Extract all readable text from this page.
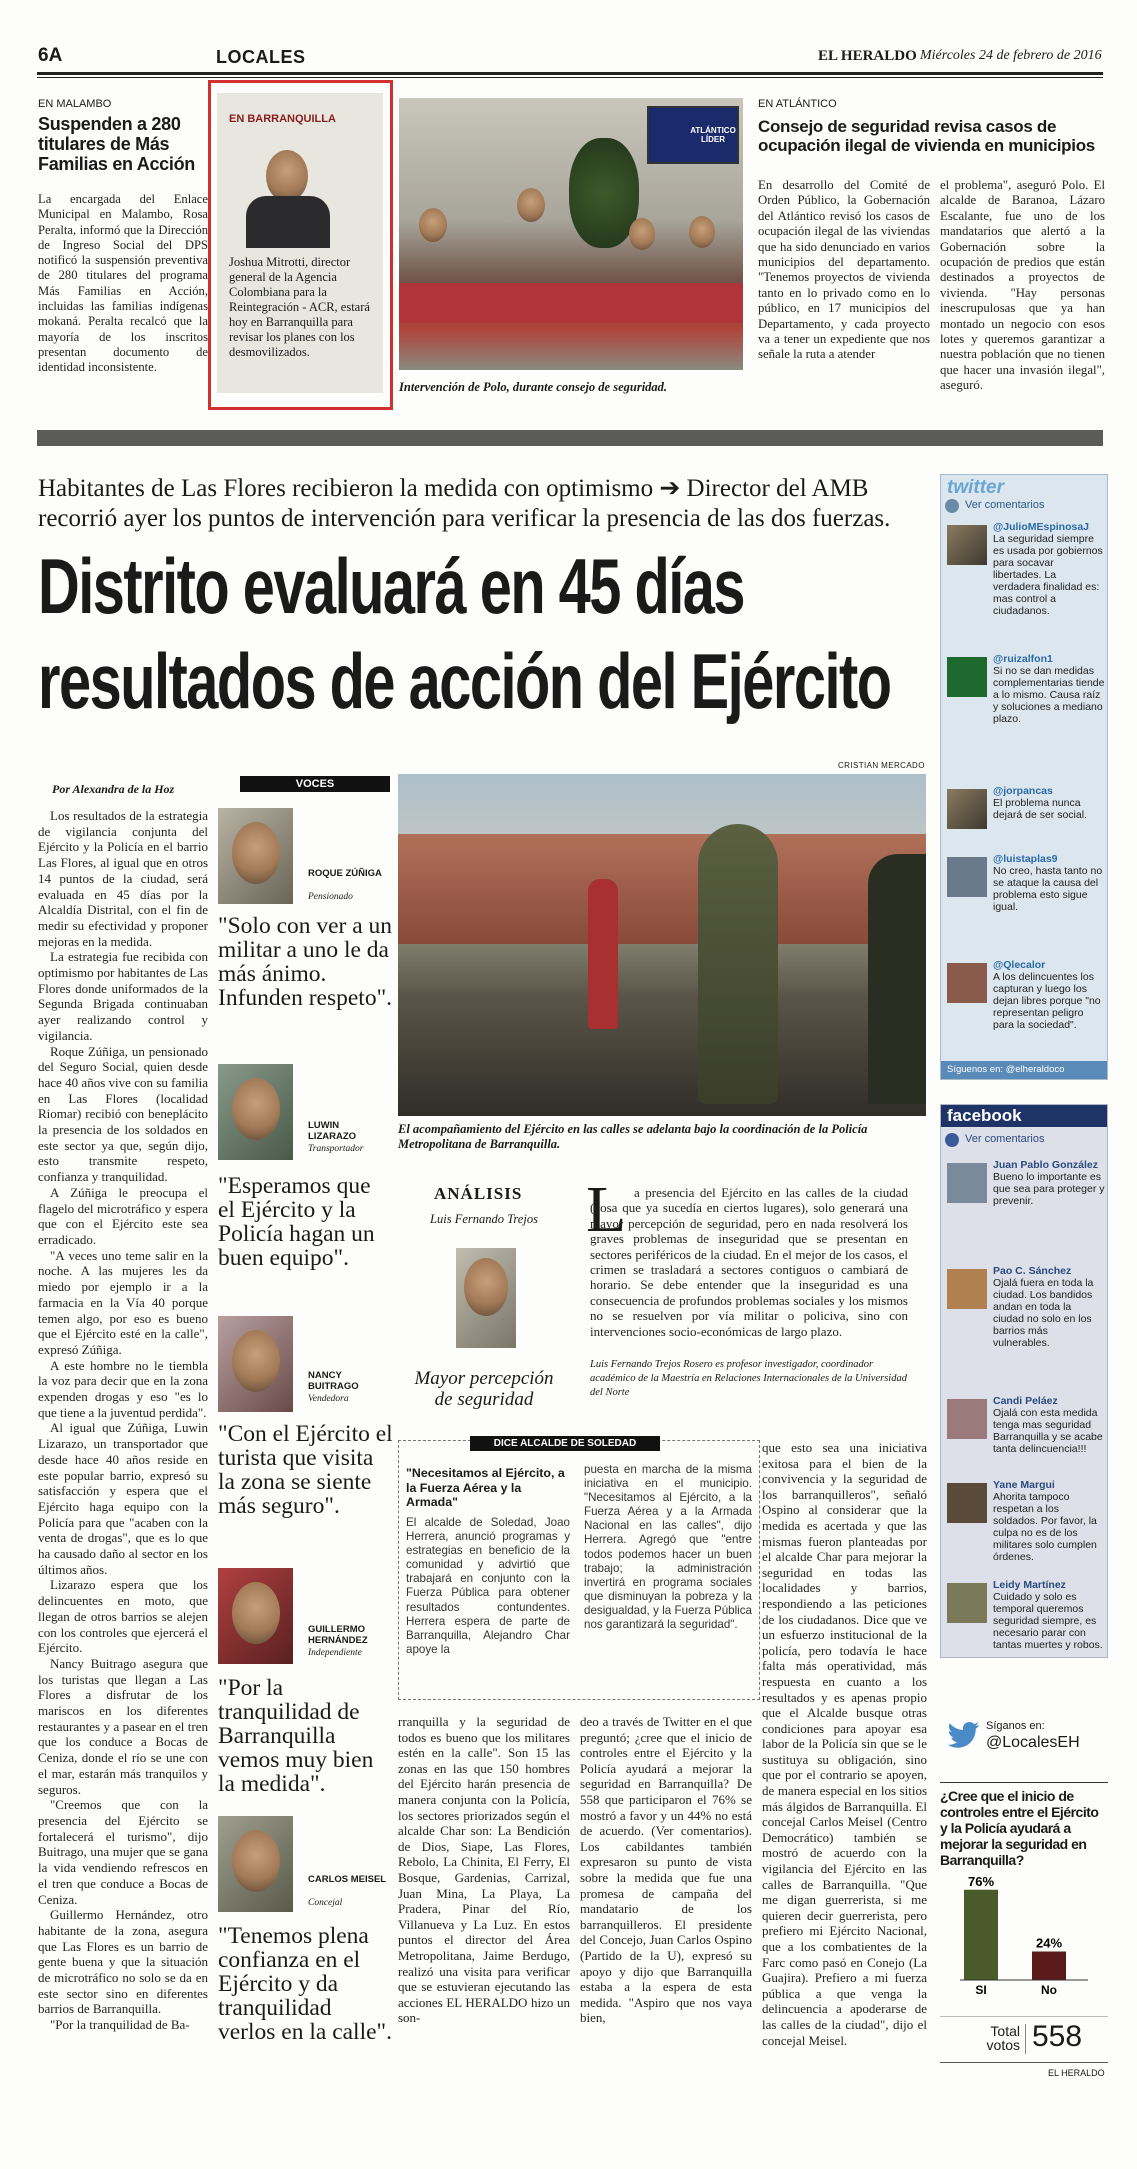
6A	LOCALES	EL HERALDO Miércoles 24 de febrero de 2016
EN MALAMBO
Suspenden a 280 titulares de Más Familias en Acción
La encargada del Enlace Municipal en Malambo, Rosa Peralta, informó que la Dirección de Ingreso Social del DPS notificó la suspensión preventiva de 280 titulares del programa Más Familias en Acción, incluidas las familias indígenas mokaná. Peralta recalcó que la mayoría de los inscritos presentan documento de identidad inconsistente.
EN BARRANQUILLA
Joshua Mitrotti, director general de la Agencia Colombiana para la Reintegración - ACR, estará hoy en Barranquilla para revisar los planes con los desmovilizados.
ATLÁNTICO LÍDER
Intervención de Polo, durante consejo de seguridad.
EN ATLÁNTICO
Consejo de seguridad revisa casos de ocupación ilegal de vivienda en municipios
En desarrollo del Comité de Orden Público, la Gobernación del Atlántico revisó los casos de ocupación ilegal de las viviendas que ha sido denunciado en varios municipios del departamento. "Tenemos proyectos de vivienda tanto en lo privado como en lo público, en 17 municipios del Departamento, y cada proyecto va a tener un expediente que nos señale la ruta a atender
el problema", aseguró Polo. El alcalde de Baranoa, Lázaro Escalante, fue uno de los mandatarios que alertó a la Gobernación sobre la ocupación de predios que están destinados a proyectos de vivienda. "Hay personas inescrupulosas que ya han montado un negocio con esos lotes y queremos garantizar a nuestra población que no tienen que hacer una invasión ilegal", aseguró.
Habitantes de Las Flores recibieron la medida con optimismo ➔ Director del AMB recorrió ayer los puntos de intervención para verificar la presencia de las dos fuerzas.
Distrito evaluará en 45 días
resultados de acción del Ejército
Por Alexandra de la Hoz

Los resultados de la estrategia de vigilancia conjunta del Ejército y la Policía en el barrio Las Flores, al igual que en otros 14 puntos de la ciudad, será evaluada en 45 días por la Alcaldía Distrital, con el fin de medir su efectividad y proponer mejoras en la medida.

La estrategia fue recibida con optimismo por habitantes de Las Flores donde uniformados de la Segunda Brigada continuaban ayer realizando control y vigilancia.

Roque Zúñiga, un pensionado del Seguro Social, quien desde hace 40 años vive con su familia en Las Flores (localidad Riomar) recibió con beneplácito la presencia de los soldados en este sector ya que, según dijo, esto transmite respeto, confianza y tranquilidad.

A Zúñiga le preocupa el flagelo del microtráfico y espera que con el Ejército este sea erradicado.

"A veces uno teme salir en la noche. A las mujeres les da miedo por ejemplo ir a la farmacia en la Vía 40 porque temen algo, por eso es bueno que el Ejército esté en la calle", expresó Zúñiga.

A este hombre no le tiembla la voz para decir que en la zona expenden drogas y eso "es lo que tiene a la juventud perdida".

Al igual que Zúñiga, Luwin Lizarazo, un transportador que desde hace 40 años reside en este popular barrio, expresó su satisfacción y espera que el Ejército haga equipo con la Policía para que "acaben con la venta de drogas", que es lo que ha causado daño al sector en los últimos años.

Lizarazo espera que los delincuentes en moto, que llegan de otros barrios se alejen con los controles que ejercerá el Ejército.

Nancy Buitrago asegura que los turistas que llegan a Las Flores a disfrutar de los mariscos en los diferentes restaurantes y a pasear en el tren que los conduce a Bocas de Ceniza, donde el río se une con el mar, estarán más tranquilos y seguros.

"Creemos que con la presencia del Ejército se fortalecerá el turismo", dijo Buitrago, una mujer que se gana la vida vendiendo refrescos en el tren que conduce a Bocas de Ceniza.

Guillermo Hernández, otro habitante de la zona, asegura que Las Flores es un barrio de gente buena y que la situación de microtráfico no solo se da en este sector sino en diferentes barrios de Barranquilla.

"Por la tranquilidad de Ba-

VOCES
ROQUE ZÚÑIGA
Pensionado
"Solo con ver a un militar a uno le da más ánimo. Infunden respeto".
LUWIN LIZARAZO
Transportador
"Esperamos que el Ejército y la Policía hagan un buen equipo".
NANCY BUITRAGO
Vendedora
"Con el Ejército el turista que visita la zona se siente más seguro".
GUILLERMO HERNÁNDEZ
Independiente
"Por la tranquilidad de Barranquilla vemos muy bien la medida".
CARLOS MEISEL
Concejal
"Tenemos plena confianza en el Ejército y da tranquilidad verlos en la calle".
CRISTIAN MERCADO
El acompañamiento del Ejército en las calles se adelanta bajo la coordinación de la Policía Metropolitana de Barranquilla.
ANÁLISIS
Luis Fernando Trejos
Mayor percepción de seguridad
L a presencia del Ejército en las calles de la ciudad (cosa que ya sucedía en ciertos lugares), solo generará una mayor percepción de seguridad, pero en nada resolverá los graves problemas de inseguridad que se presentan en sectores periféricos de la ciudad. En el mejor de los casos, el crimen se trasladará a sectores contiguos o cambiará de horario. Se debe entender que la inseguridad es una consecuencia de profundos problemas sociales y los mismos no se resuelven por vía militar o policiva, sino con intervenciones socio-económicas de largo plazo.
Luis Fernando Trejos Rosero es profesor investigador, coordinador académico de la Maestría en Relaciones Internacionales de la Universidad del Norte
DICE ALCALDE DE SOLEDAD
"Necesitamos al Ejército, a la Fuerza Aérea y la Armada"
El alcalde de Soledad, Joao Herrera, anunció programas y estrategias en beneficio de la comunidad y advirtió que trabajará en conjunto con la Fuerza Pública para obtener resultados contundentes. Herrera espera de parte de Barranquilla, Alejandro Char apoye la
puesta en marcha de la misma iniciativa en el municipio. "Necesitamos al Ejército, a la Fuerza Aérea y a la Armada Nacional en las calles", dijo Herrera. Agregó que "entre todos podemos hacer un buen trabajo; la administración invertirá en programa sociales que disminuyan la pobreza y la desigualdad, y la Fuerza Pública nos garantizará la seguridad".
rranquilla y la seguridad de todos es bueno que los militares estén en la calle". Son 15 las zonas en las que 150 hombres del Ejército harán presencia de manera conjunta con la Policía, los sectores priorizados según el alcalde Char son: La Bendición de Dios, Siape, Las Flores, Rebolo, La Chinita, El Ferry, El Bosque, Gardenias, Carrizal, Juan Mina, La Playa, La Pradera, Pinar del Río, Villanueva y La Luz. En estos puntos el director del Área Metropolitana, Jaime Berdugo, realizó una visita para verificar que se estuvieran ejecutando las acciones EL HERALDO hizo un son-
deo a través de Twitter en el que preguntó; ¿cree que el inicio de controles entre el Ejército y la Policía ayudará a mejorar la seguridad en Barranquilla? De 558 que participaron el 76% se mostró a favor y un 44% no está de acuerdo. (Ver comentarios). Los cabildantes también expresaron su punto de vista sobre la medida que fue una promesa de campaña del mandatario de los barranquilleros. El presidente del Concejo, Juan Carlos Ospino (Partido de la U), expresó su apoyo y dijo que Barranquilla estaba a la espera de esta medida. "Aspiro que nos vaya bien,
que esto sea una iniciativa exitosa para el bien de la convivencia y la seguridad de los barranquilleros", señaló Ospino al considerar que la medida es acertada y que las mismas fueron planteadas por el alcalde Char para mejorar la seguridad en todas las localidades y barrios, respondiendo a las peticiones de los ciudadanos. Dice que ve un esfuerzo institucional de la policía, pero todavía le hace falta más operatividad, más respuesta en cuanto a los resultados y es apenas propio que el Alcalde busque otras condiciones para apoyar esa labor de la Policía sin que se le sustituya su obligación, sino que por el contrario se apoyen, de manera especial en los sitios más álgidos de Barranquilla. El concejal Carlos Meisel (Centro Democrático) también se mostró de acuerdo con la vigilancia del Ejército en las calles de Barranquilla. "Que me digan guerrerista, si me quieren decir guerrerista, pero prefiero mi Ejército Nacional, que a los combatientes de la Farc como pasó en Conejo (La Guajira). Prefiero a mi fuerza pública a que venga la delincuencia a apoderarse de las calles de la ciudad", dijo el concejal Meisel.
twitter
Ver comentarios
@JulioMEspinosaJ
La seguridad siempre es usada por gobiernos para socavar libertades. La verdadera finalidad es: mas control a ciudadanos.
@ruizalfon1
Si no se dan medidas complementarias tiende a lo mismo. Causa raíz y soluciones a mediano plazo.
@jorpancas
El problema nunca dejará de ser social.
@luistaplas9
No creo, hasta tanto no se ataque la causa del problema esto sigue igual.
@Qlecalor
A los delincuentes los capturan y luego los dejan libres porque "no representan peligro para la sociedad".
Síguenos en: @elheraldoco
facebook
Ver comentarios
Juan Pablo González
Bueno lo importante es que sea para proteger y prevenir.
Pao C. Sánchez
Ojalá fuera en toda la ciudad. Los bandidos andan en toda la ciudad no solo en los barrios más vulnerables.
Candi Peláez
Ojalá con esta medida tenga mas seguridad Barranquilla y se acabe tanta delincuencia!!!
Yane Margui
Ahorita tampoco respetan a los soldados. Por favor, la culpa no es de los militares solo cumplen órdenes.
Leidy Martínez
Cuidado y solo es temporal queremos seguridad siempre, es necesario parar con tantas muertes y robos.
Síganos en:
@LocalesEH
¿Cree que el inicio de controles entre el Ejército y la Policía ayudará a mejorar la seguridad en Barranquilla?
76%
SI
24%
No
Total votos 558
EL HERALDO
